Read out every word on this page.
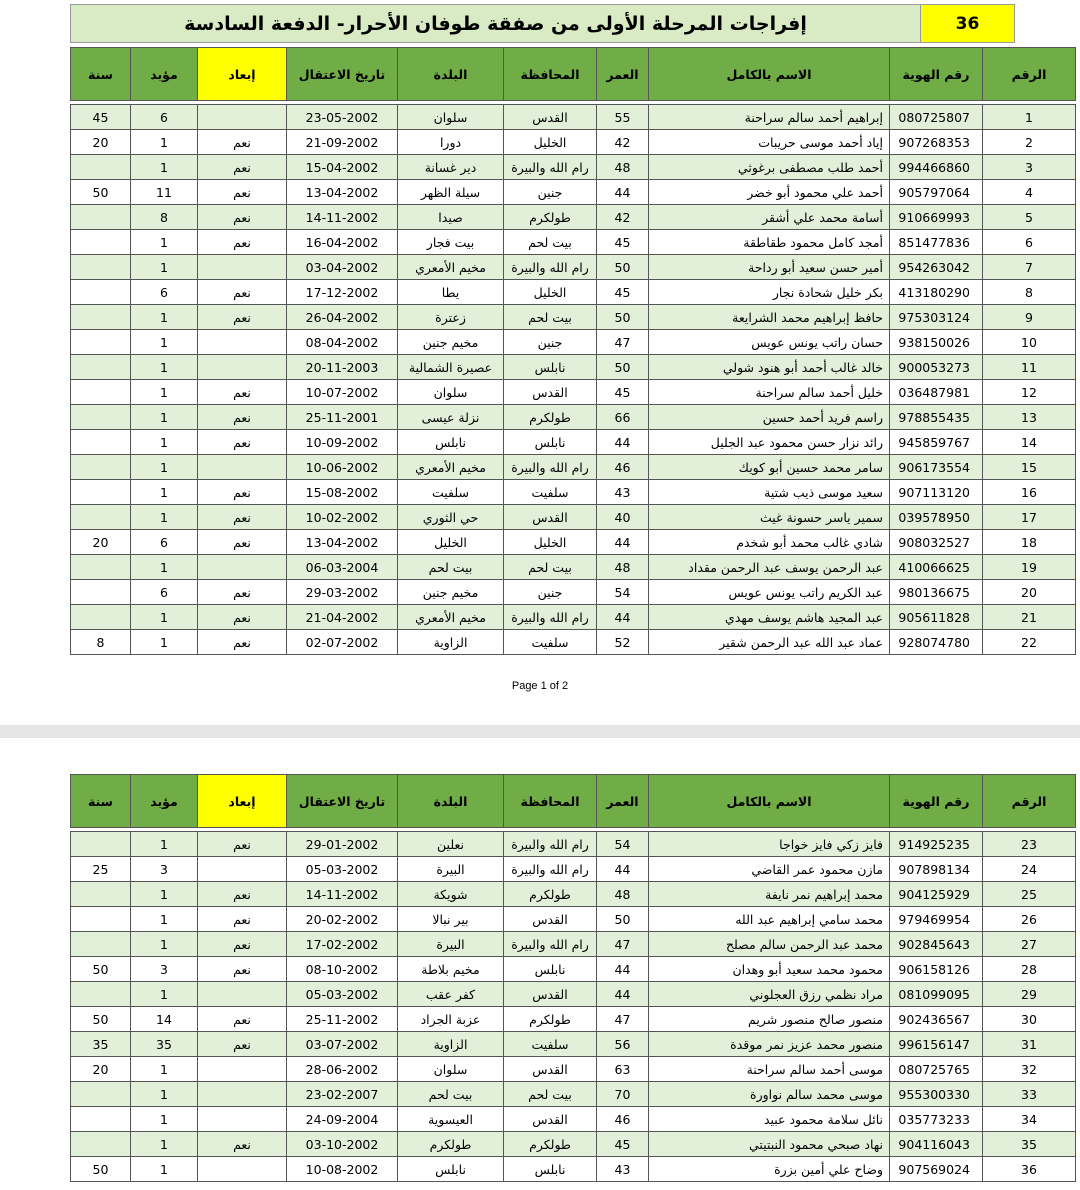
إفراجات المرحلة الأولى من صفقة طوفان الأحرار- الدفعة السادسة	36
الرقم	رقم الهوية	الاسم بالكامل	العمر	المحافظة	البلدة	تاريخ الاعتقال	إبعاد	مؤبد	سنة

1	080725807	إبراهيم أحمد سالم سراحنة	55	القدس	سلوان	23-05-2002		6	45
2	907268353	إياد أحمد موسى حريبات	42	الخليل	دورا	21-09-2002	نعم	1	20
3	994466860	أحمد طلب مصطفى برغوثي	48	رام الله والبيرة	دير غسانة	15-04-2002	نعم	1	
4	905797064	أحمد علي محمود أبو خضر	44	جنين	سيلة الظهر	13-04-2002	نعم	11	50
5	910669993	أسامة محمد علي أشقر	42	طولكرم	صيدا	14-11-2002	نعم	8	
6	851477836	أمجد كامل محمود طقاطقة	45	بيت لحم	بيت فجار	16-04-2002	نعم	1	
7	954263042	أمير حسن سعيد أبو رداحة	50	رام الله والبيرة	مخيم الأمعري	03-04-2002		1	
8	413180290	بكر خليل شحادة نجار	45	الخليل	يطا	17-12-2002	نعم	6	
9	975303124	حافظ إبراهيم محمد الشرايعة	50	بيت لحم	زعترة	26-04-2002	نعم	1	
10	938150026	حسان راتب يونس عويس	47	جنين	مخيم جنين	08-04-2002		1	
11	900053273	خالد غالب أحمد أبو هنود شولي	50	نابلس	عصيرة الشمالية	20-11-2003		1	
12	036487981	خليل أحمد سالم سراحنة	45	القدس	سلوان	10-07-2002	نعم	1	
13	978855435	راسم فريد أحمد حسين	66	طولكرم	نزلة عيسى	25-11-2001	نعم	1	
14	945859767	رائد نزار حسن محمود عبد الجليل	44	نابلس	نابلس	10-09-2002	نعم	1	
15	906173554	سامر محمد حسين أبو كويك	46	رام الله والبيرة	مخيم الأمعري	10-06-2002		1	
16	907113120	سعيد موسى ذيب شتية	43	سلفيت	سلفيت	15-08-2002	نعم	1	
17	039578950	سمير ياسر حسونة غيث	40	القدس	حي الثوري	10-02-2002	نعم	1	
18	908032527	شادي غالب محمد أبو شخدم	44	الخليل	الخليل	13-04-2002	نعم	6	20
19	410066625	عبد الرحمن يوسف عبد الرحمن مقداد	48	بيت لحم	بيت لحم	06-03-2004		1	
20	980136675	عبد الكريم راتب يونس عويس	54	جنين	مخيم جنين	29-03-2002	نعم	6	
21	905611828	عبد المجيد هاشم يوسف مهدي	44	رام الله والبيرة	مخيم الأمعري	21-04-2002	نعم	1	
22	928074780	عماد عبد الله عبد الرحمن شقير	52	سلفيت	الزاوية	02-07-2002	نعم	1	8
Page 1 of 2
الرقم	رقم الهوية	الاسم بالكامل	العمر	المحافظة	البلدة	تاريخ الاعتقال	إبعاد	مؤبد	سنة

23	914925235	فايز زكي فايز خواجا	54	رام الله والبيرة	نعلين	29-01-2002	نعم	1	
24	907898134	مازن محمود عمر القاضي	44	رام الله والبيرة	البيرة	05-03-2002		3	25
25	904125929	محمد إبراهيم نمر نايفة	48	طولكرم	شويكة	14-11-2002	نعم	1	
26	979469954	محمد سامي إبراهيم عبد الله	50	القدس	بير نبالا	20-02-2002	نعم	1	
27	902845643	محمد عبد الرحمن سالم مصلح	47	رام الله والبيرة	البيرة	17-02-2002	نعم	1	
28	906158126	محمود محمد سعيد أبو وهدان	44	نابلس	مخيم بلاطة	08-10-2002	نعم	3	50
29	081099095	مراد نظمي رزق العجلوني	44	القدس	كفر عقب	05-03-2002		1	
30	902436567	منصور صالح منصور شريم	47	طولكرم	عزبة الجراد	25-11-2002	نعم	14	50
31	996156147	منصور محمد عزيز نمر موقدة	56	سلفيت	الزاوية	03-07-2002	نعم	35	35
32	080725765	موسى أحمد سالم سراحنة	63	القدس	سلوان	28-06-2002		1	20
33	955300330	موسى محمد سالم نواورة	70	بيت لحم	بيت لحم	23-02-2007		1	
34	035773233	نائل سلامة محمود عبيد	46	القدس	العيسوية	24-09-2004		1	
35	904116043	نهاد صبحي محمود النبتيتي	45	طولكرم	طولكرم	03-10-2002	نعم	1	
36	907569024	وضاح علي أمين بزرة	43	نابلس	نابلس	10-08-2002		1	50
